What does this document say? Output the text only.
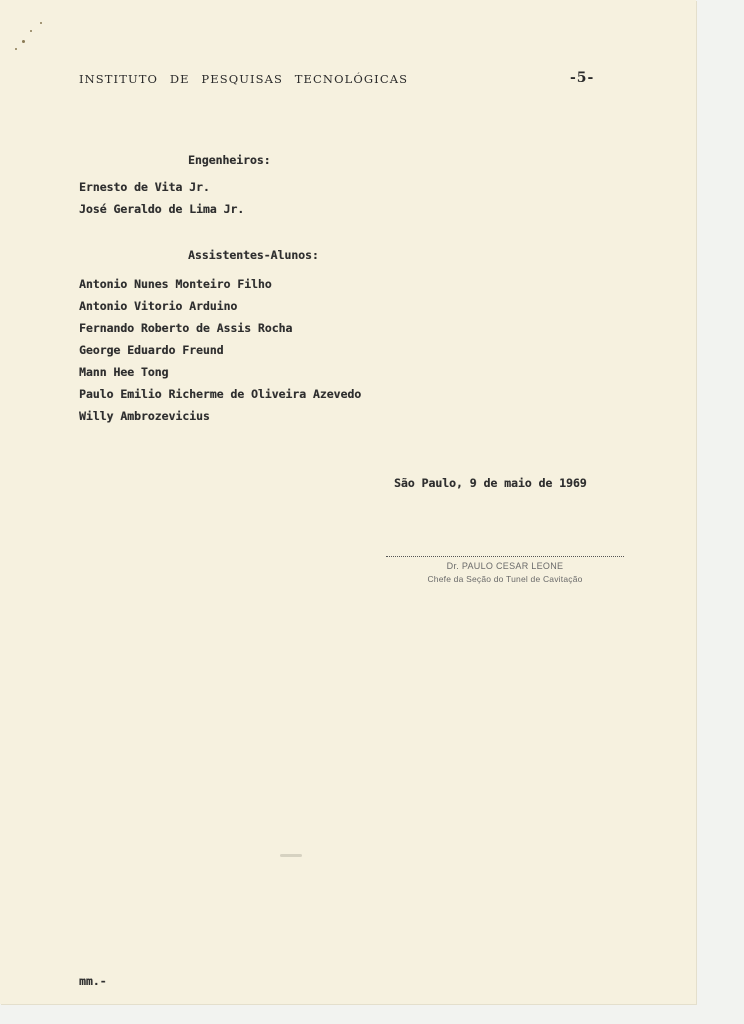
INSTITUTO DE PESQUISAS TECNOLÓGICAS	-5-
Engenheiros:
Ernesto de Vita Jr.
José Geraldo de Lima Jr.
Assistentes-Alunos:
Antonio Nunes Monteiro Filho
Antonio Vitorio Arduino
Fernando Roberto de Assis Rocha
George Eduardo Freund
Mann Hee Tong
Paulo Emilio Richerme de Oliveira Azevedo
Willy Ambrozevicius
São Paulo, 9 de maio de 1969
Dr. PAULO CESAR LEONE
Chefe da Seção do Tunel de Cavitação
mm.-
